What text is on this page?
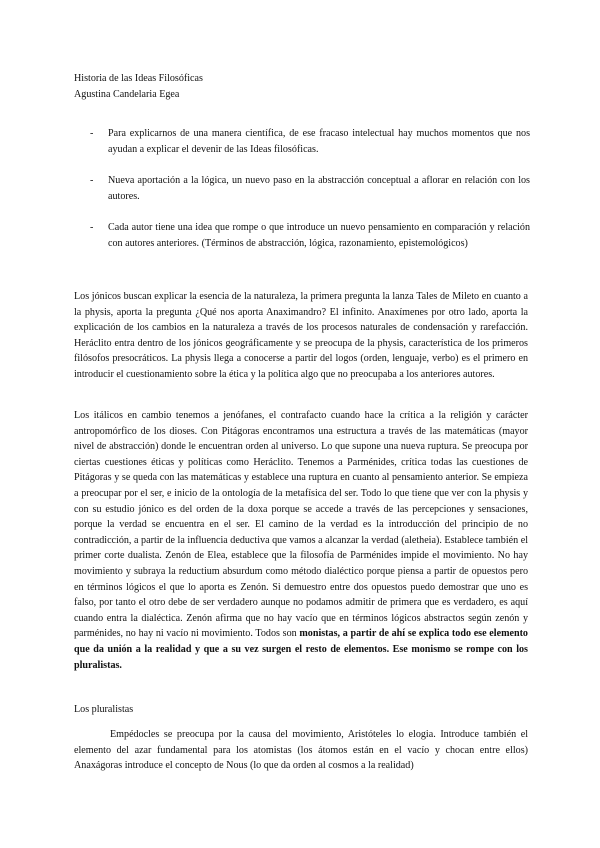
Historia de las Ideas Filosóficas
Agustina Candelaria Egea
- Para explicarnos de una manera científica, de ese fracaso intelectual hay muchos momentos que nos ayudan a explicar el devenir de las Ideas filosóficas.
- Nueva aportación a la lógica, un nuevo paso en la abstracción conceptual a aflorar en relación con los autores.
- Cada autor tiene una idea que rompe o que introduce un nuevo pensamiento en comparación y relación con autores anteriores. (Términos de abstracción, lógica, razonamiento, epistemológicos)

Los jónicos buscan explicar la esencia de la naturaleza, la primera pregunta la lanza Tales de Mileto en cuanto a la physis, aporta la pregunta ¿Qué nos aporta Anaximandro? El infinito. Anaxímenes por otro lado, aporta la explicación de los cambios en la naturaleza a través de los procesos naturales de condensación y rarefacción. Heráclito entra dentro de los jónicos geográficamente y se preocupa de la physis, característica de los primeros filósofos presocráticos. La physis llega a conocerse a partir del logos (orden, lenguaje, verbo) es el primero en introducir el cuestionamiento sobre la ética y la política algo que no preocupaba a los anteriores autores.

Los itálicos en cambio tenemos a jenófanes, el contrafacto cuando hace la crítica a la religión y carácter antropomórfico de los dioses. Con Pitágoras encontramos una estructura a través de las matemáticas (mayor nivel de abstracción) donde le encuentran orden al universo. Lo que supone una nueva ruptura. Se preocupa por ciertas cuestiones éticas y políticas como Heráclito. Tenemos a Parménides, crítica todas las cuestiones de Pitágoras y se queda con las matemáticas y establece una ruptura en cuanto al pensamiento anterior. Se empieza a preocupar por el ser, e inicio de la ontología de la metafísica del ser. Todo lo que tiene que ver con la physis y con su estudio jónico es del orden de la doxa porque se accede a través de las percepciones y sensaciones, porque la verdad se encuentra en el ser. El camino de la verdad es la introducción del principio de no contradicción, a partir de la influencia deductiva que vamos a alcanzar la verdad (aletheia). Establece también el primer corte dualista. Zenón de Elea, establece que la filosofía de Parménides impide el movimiento. No hay movimiento y subraya la reductium absurdum como método dialéctico porque piensa a partir de opuestos pero en términos lógicos el que lo aporta es Zenón. Si demuestro entre dos opuestos puedo demostrar que uno es falso, por tanto el otro debe de ser verdadero aunque no podamos admitir de primera que es verdadero, es aquí cuando entra la dialéctica. Zenón afirma que no hay vacío que en términos lógicos abstractos según zenón y parménides, no hay ni vacío ni movimiento. Todos son monistas, a partir de ahí se explica todo ese elemento que da unión a la realidad y que a su vez surgen el resto de elementos. Ese monismo se rompe con los pluralistas.

Los pluralistas

Empédocles se preocupa por la causa del movimiento, Aristóteles lo elogia. Introduce también el elemento del azar fundamental para los atomistas (los átomos están en el vacío y chocan entre ellos) Anaxágoras introduce el concepto de Nous (lo que da orden al cosmos a la realidad)
